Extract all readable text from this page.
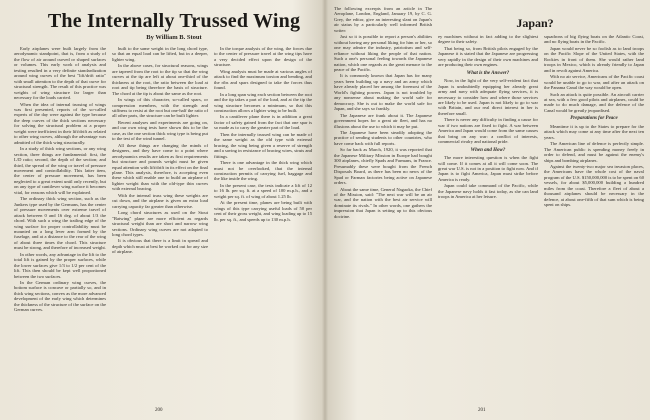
The Internally Trussed Wing
By William B. Stout

Early airplanes were built largely from the aerodynamic standpoint, that is, from a study of the flow of air around curved or shaped surfaces or volumes. This early work of analysis and testing resulted in a very definite standardization around wing curves of the best "lift/drift ratio" with small attention to the depth of that curve for structural strength. The result of this practice was weights of wing structure far larger than necessary for the loads carried.

When the idea of internal trussing of wings was first presented, reports of the so-called experts of the day were against the type because the deep curves of the thick sections necessary for solving the structural problem at a proper weight were inefficient in their lift/drift as related to other wing curves, although the advantage was admitted of the thick wing structurally.

In a study of thick wing sections, or any wing section, three things are fundamental: first, the L/D ratio; second, the depth of the section; and third, the spread of the wing or travel of pressure movement and controllability. This latter item, the center of pressure movement, has been neglected to a great extent until only recently, but on any type of cantilever wing surface it becomes vital, for reasons which will be explained.

The ordinary thick wing section, such as the Junkers type used by the Germans, has the center of pressure movements over extreme travel of attack between 0 and 16 deg. of about 1/3 the chord. With such a wing the trailing edge of the wing surface for proper controllability must be mounted on a long lever arm formed by the fuselage, and at a distance to the rear of the wing of about three times the chord. This structure must be strong, and therefore of increased weight.

In other words, any advantage in the lift to the total lift is gained by the proper surfaces, while the lower surfaces give 1/3 to 1/2 per cent of the lift. This then should be kept well proportioned between the two surfaces.

In the German ordinary wing curves, the bottom surface is concave or partially so, and in thick wing sections, convex as the more advanced development of the early wing which determines the thickness of the structure of the surface on the German curves.

built to the same weight in the long chord type, so that an equal load can be lifted, but in a deeper, lighter wing.

In the above cases, for structural reasons, wings are tapered from the root to the tip so that the wing curves at the tip are left at about one-third of the thickness at the root, the ratio between the load at root and tip being therefore the basis of structure. The chord at the tip is about the same as the root.

In wings of this character, so-called spars, or compression members, with the strength and stiffness to resist at the root but one-half the ratio of all other parts, the structure can be built lighter.

Recent analyses and experiments are going on, and our own wing tests have shown this to be the case, as the one section thick wing type is being put to the test of the wind tunnel.

All these things are changing the minds of designers, and they have come to a point where aerodynamics results are taken as first requirements but structure and pounds weight must be given equal attention with lift/drift in its effect on the final plane. This analysis, therefore, is accepting even these which still enable one to build an airplane of lighter weight than with the old-type thin curves with external bracing.

With the internal truss wing these weights are cut down, and the airplane is given an extra load carrying capacity far greater than otherwise.

Long chord structures as used on the Stout "Batwing" plane are more efficient as regards structural weight than are short and narrow wing sections. Ordinary wing curves are not adapted to long chord types.

It is obvious that there is a limit in spread and depth which must at best be worked out for any size of airplane.

In the torque analysis of the wing, the forces due to the center of pressure travel at the wing tips have a very decided effect upon the design of the structure.

Wing analysis must be made at various angles of attack to find the maximum torsion and bending, and the ribs and spars designed to take the forces thus found.

In a long span wing each section between the root and the tip takes a part of the load, and at the tip the wing structure becomes a minimum, so that this construction allows a lighter wing to be built.

In a cantilever plane there is in addition a great factor of safety gained from the fact that one spar is so made as to carry the greater part of the load.

Then the internally trussed wing can be made of the same weight as the old type with external bracing, the wing being given a reserve of strength and a saving in resistance of bracing wires, struts and fittings.

There is one advantage in the thick wing which must not be overlooked, that the internal construction permits of carrying fuel, baggage and the like inside the wing.

In the present case, the tests indicate a lift of 12 to 16 lb. per sq. ft. at a speed of 100 m.p.h., and a weight per sq. ft. of wing of about 1.25 lb.

At the present time, planes are being built with wings of this type carrying useful loads of 50 per cent of their gross weight, and wing loading up to 15 lb. per sq. ft., and speeds up to 130 m.p.h.

200
Japan?

The following excerpts from an article in The Aeroplane, London, England, January 19, by C. G. Grey, the editor, give an interesting slant on Japan's air status by a particularly well informed British writer:

Just so it is possible to report a person's abilities without having any personal liking for him or her, so one may admire the industry, patriotism and self-reliance without liking the people of that nation. Such a one's personal feeling towards the Japanese nation, which one regards as the great menace to the peace of the Pacific.

It is commonly known that Japan has for many years been building up a navy and an army which have already placed her among the foremost of the World's fighting powers. Japan is not troubled by any nonsense about making the world safe for democracy. She is out to make the world safe for Japan, and she says so frankly.

The Japanese are frank about it. The Japanese government hopes for a great air fleet, and has no illusions about the use to which it may be put.

The Japanese have been steadily adopting the practice of sending students to other countries, who have come back with full reports.

So far back as March, 1920, it was reported that the Japanese Military Mission in Europe had bought 300 airplanes, chiefly Spads and Farmans, in France. Presumably these were bought from the French Disposals Board, as there has been no news of the Spad or Farman factories being active on Japanese orders.

About the same time, General Nagaoka, the Chief of the Mission, said: "The next war will be an air war, and the nation with the best air service will dominate its rivals." In other words, one gathers the impression that Japan is setting up to this obvious doctrine.

ey machines without in fact adding to the slightest degree to their safety.

That being so, from British pilots engaged by the Japanese it is stated that the Japanese are progressing very rapidly in the design of their own machines and are producing their own engines.

What is the Answer?

Now, in the light of the very self-evident fact that Japan is undoubtedly equipping her already great army and navy with adequate flying services, it is necessary to consider how and where those services are likely to be used. Japan is not likely to go to war with Britain, and our real direct interest in her is therefore small.

There is never any difficulty in finding a cause for war if two nations are fixed to fight. A war between America and Japan would come from the same causes that bring on any war: a conflict of interests, commercial rivalry and national pride.

When and How?

The more interesting question is when the fight will come. If it comes at all it will come soon. The great war U.S. is not in a position to fight now. And if Japan is to fight America, Japan must strike before America is ready.

Japan could take command of the Pacific, while the Japanese navy holds it fast today, as she can land troops in America at her leisure.

squadrons of big flying boats on the Atlantic Coast, and no flying boats in the Pacific.

Japan would never be so foolish as to land troops on the Pacific Slope of the United States, with the Rockies in front of them. She would rather land troops in Mexico, which is already friendly to Japan and in revolt against America.

With no air service, Americans of the Pacific coast would be unable to go to war, and after an attack on the Panama Canal the way would be open.

Such an attack is quite possible. An aircraft carrier at sea, with a few good pilots and airplanes, could be made to do much damage, and the defence of the Canal would be greatly jeopardised.

Preparations for Peace

Meantime it is up to the States to prepare for the attack which may come at any time after the next ten years.

The American line of defence is perfectly simple. The American public is spending money freely in order to defend, and must be against the enemy's ships and bombing airplanes.

Against the twenty-two major sea invasion places, the Americans have the whole cost of the naval program of the U.S. $150,000,000 is to be spent on 60 vessels, for about $5,000,000 building a hundred miles from the coast. Therefore a fleet of about a thousand airplanes should be necessary in the defence, at about one-fifth of that sum which is being spent on ships.

201
